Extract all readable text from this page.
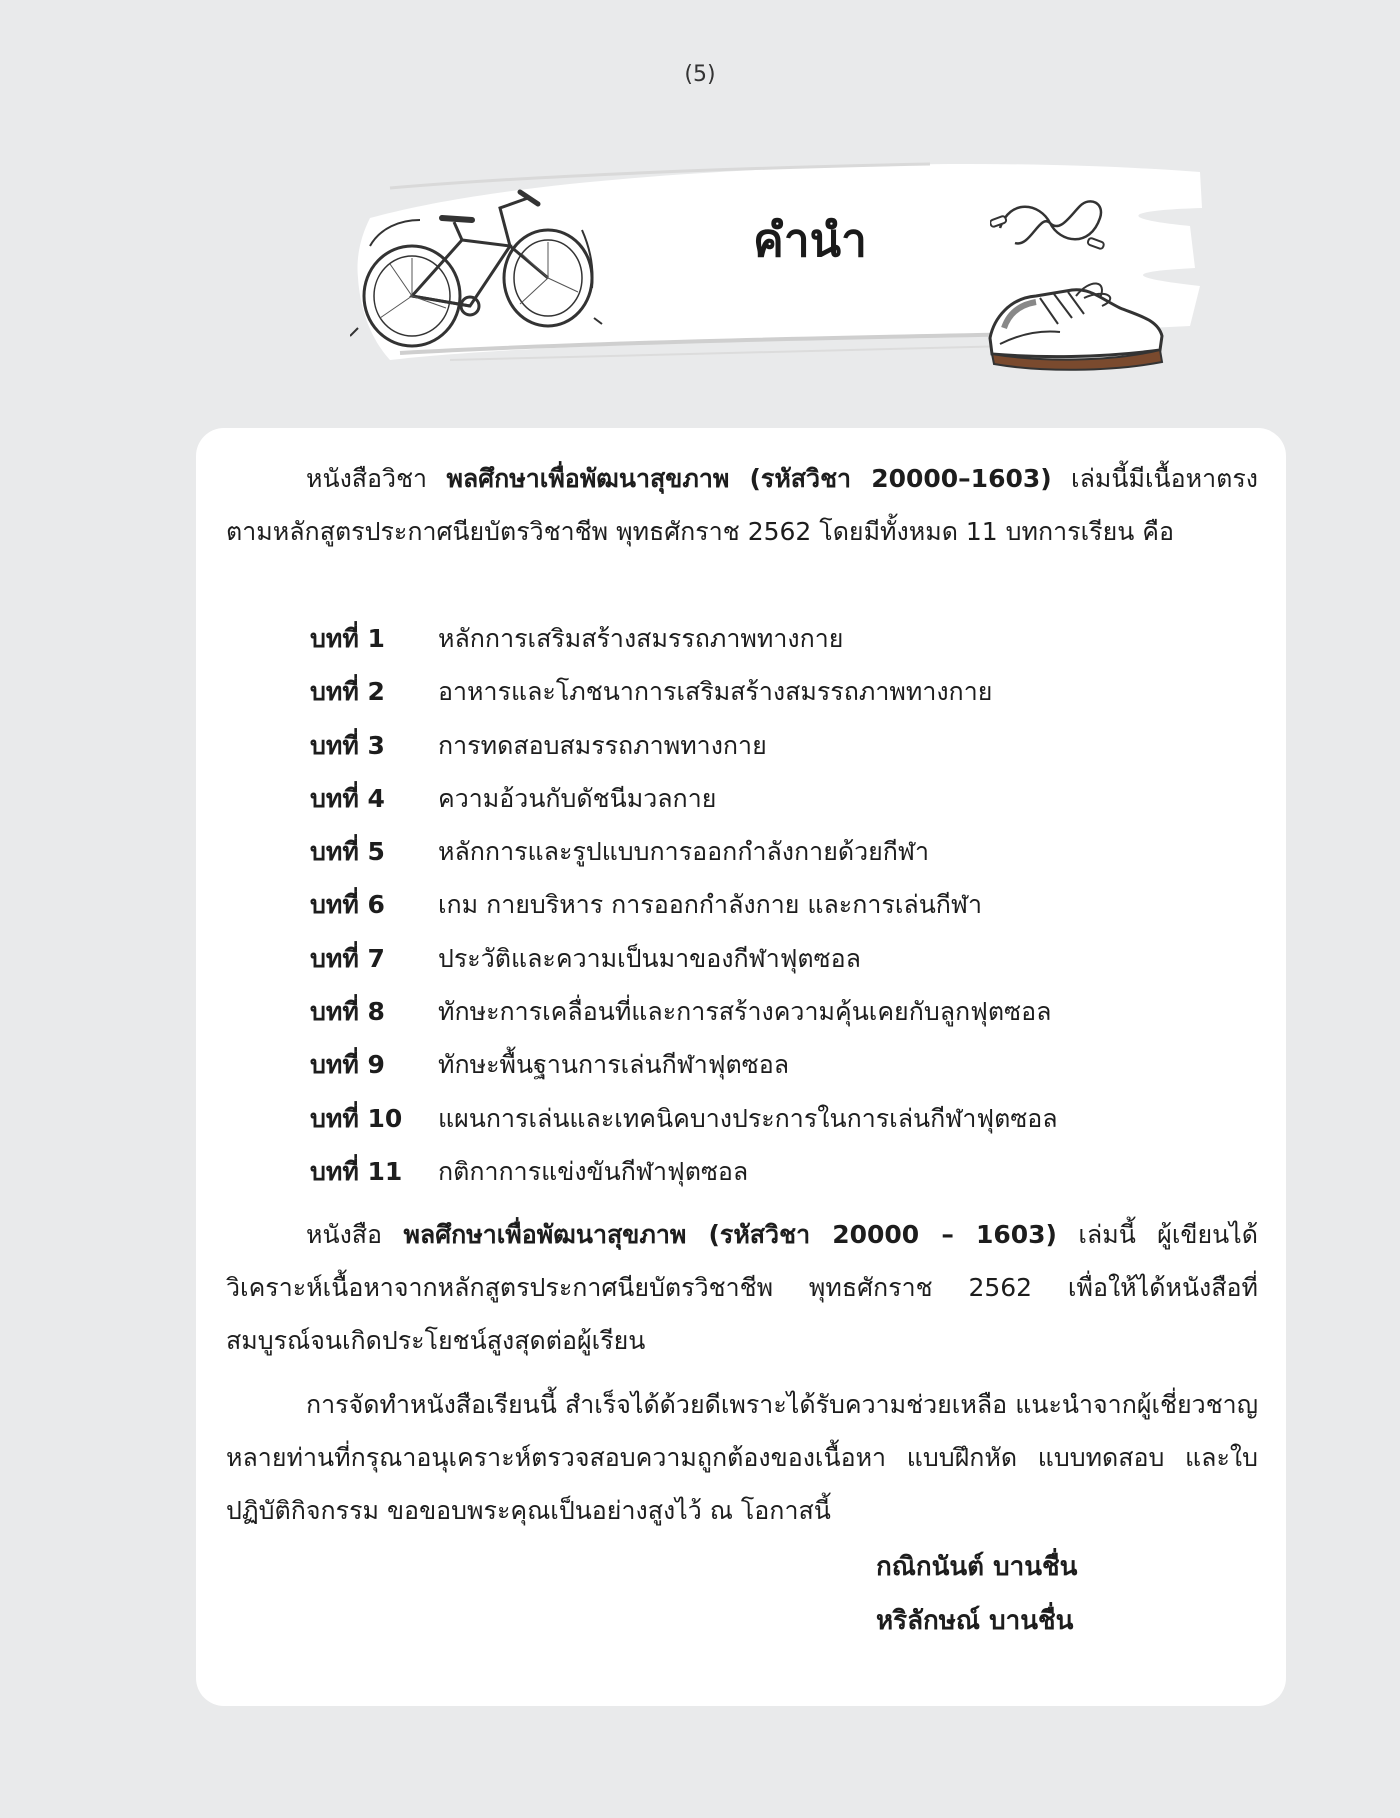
(5)
คำนำ

หนังสือวิชา พลศึกษาเพื่อพัฒนาสุขภาพ (รหัสวิชา 20000–1603) เล่มนี้มีเนื้อหาตรงตามหลักสูตรประกาศนียบัตรวิชาชีพ พุทธศักราช 2562 โดยมีทั้งหมด 11 บทการเรียน คือ

บทที่ 1 หลักการเสริมสร้างสมรรถภาพทางกาย
บทที่ 2 อาหารและโภชนาการเสริมสร้างสมรรถภาพทางกาย
บทที่ 3 การทดสอบสมรรถภาพทางกาย
บทที่ 4 ความอ้วนกับดัชนีมวลกาย
บทที่ 5 หลักการและรูปแบบการออกกำลังกายด้วยกีฬา
บทที่ 6 เกม กายบริหาร การออกกำลังกาย และการเล่นกีฬา
บทที่ 7 ประวัติและความเป็นมาของกีฬาฟุตซอล
บทที่ 8 ทักษะการเคลื่อนที่และการสร้างความคุ้นเคยกับลูกฟุตซอล
บทที่ 9 ทักษะพื้นฐานการเล่นกีฬาฟุตซอล
บทที่ 10 แผนการเล่นและเทคนิคบางประการในการเล่นกีฬาฟุตซอล
บทที่ 11 กติกาการแข่งขันกีฬาฟุตซอล

หนังสือ พลศึกษาเพื่อพัฒนาสุขภาพ (รหัสวิชา 20000 – 1603) เล่มนี้ ผู้เขียนได้วิเคราะห์เนื้อหาจากหลักสูตรประกาศนียบัตรวิชาชีพ พุทธศักราช 2562 เพื่อให้ได้หนังสือที่สมบูรณ์จนเกิดประโยชน์สูงสุดต่อผู้เรียน

การจัดทำหนังสือเรียนนี้ สำเร็จได้ด้วยดีเพราะได้รับความช่วยเหลือ แนะนำจากผู้เชี่ยวชาญหลายท่านที่กรุณาอนุเคราะห์ตรวจสอบความถูกต้องของเนื้อหา แบบฝึกหัด แบบทดสอบ และใบปฏิบัติกิจกรรม ขอขอบพระคุณเป็นอย่างสูงไว้ ณ โอกาสนี้

กณิกนันต์ บานชื่น
หริลักษณ์ บานชื่น
